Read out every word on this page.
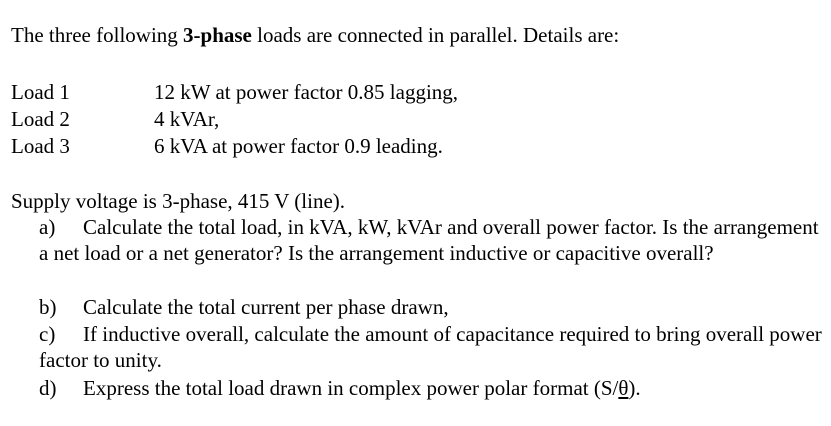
The three following 3-phase loads are connected in parallel. Details are:
Load 1	12 kW at power factor 0.85 lagging,
Load 2	4 kVAr,
Load 3	6 kVA at power factor 0.9 leading.
Supply voltage is 3-phase, 415 V (line).
a) Calculate the total load, in kVA, kW, kVAr and overall power factor. Is the arrangement a net load or a net generator? Is the arrangement inductive or capacitive overall?
b) Calculate the total current per phase drawn,
c) If inductive overall, calculate the amount of capacitance required to bring overall power factor to unity.
d) Express the total load drawn in complex power polar format (S/θ).
